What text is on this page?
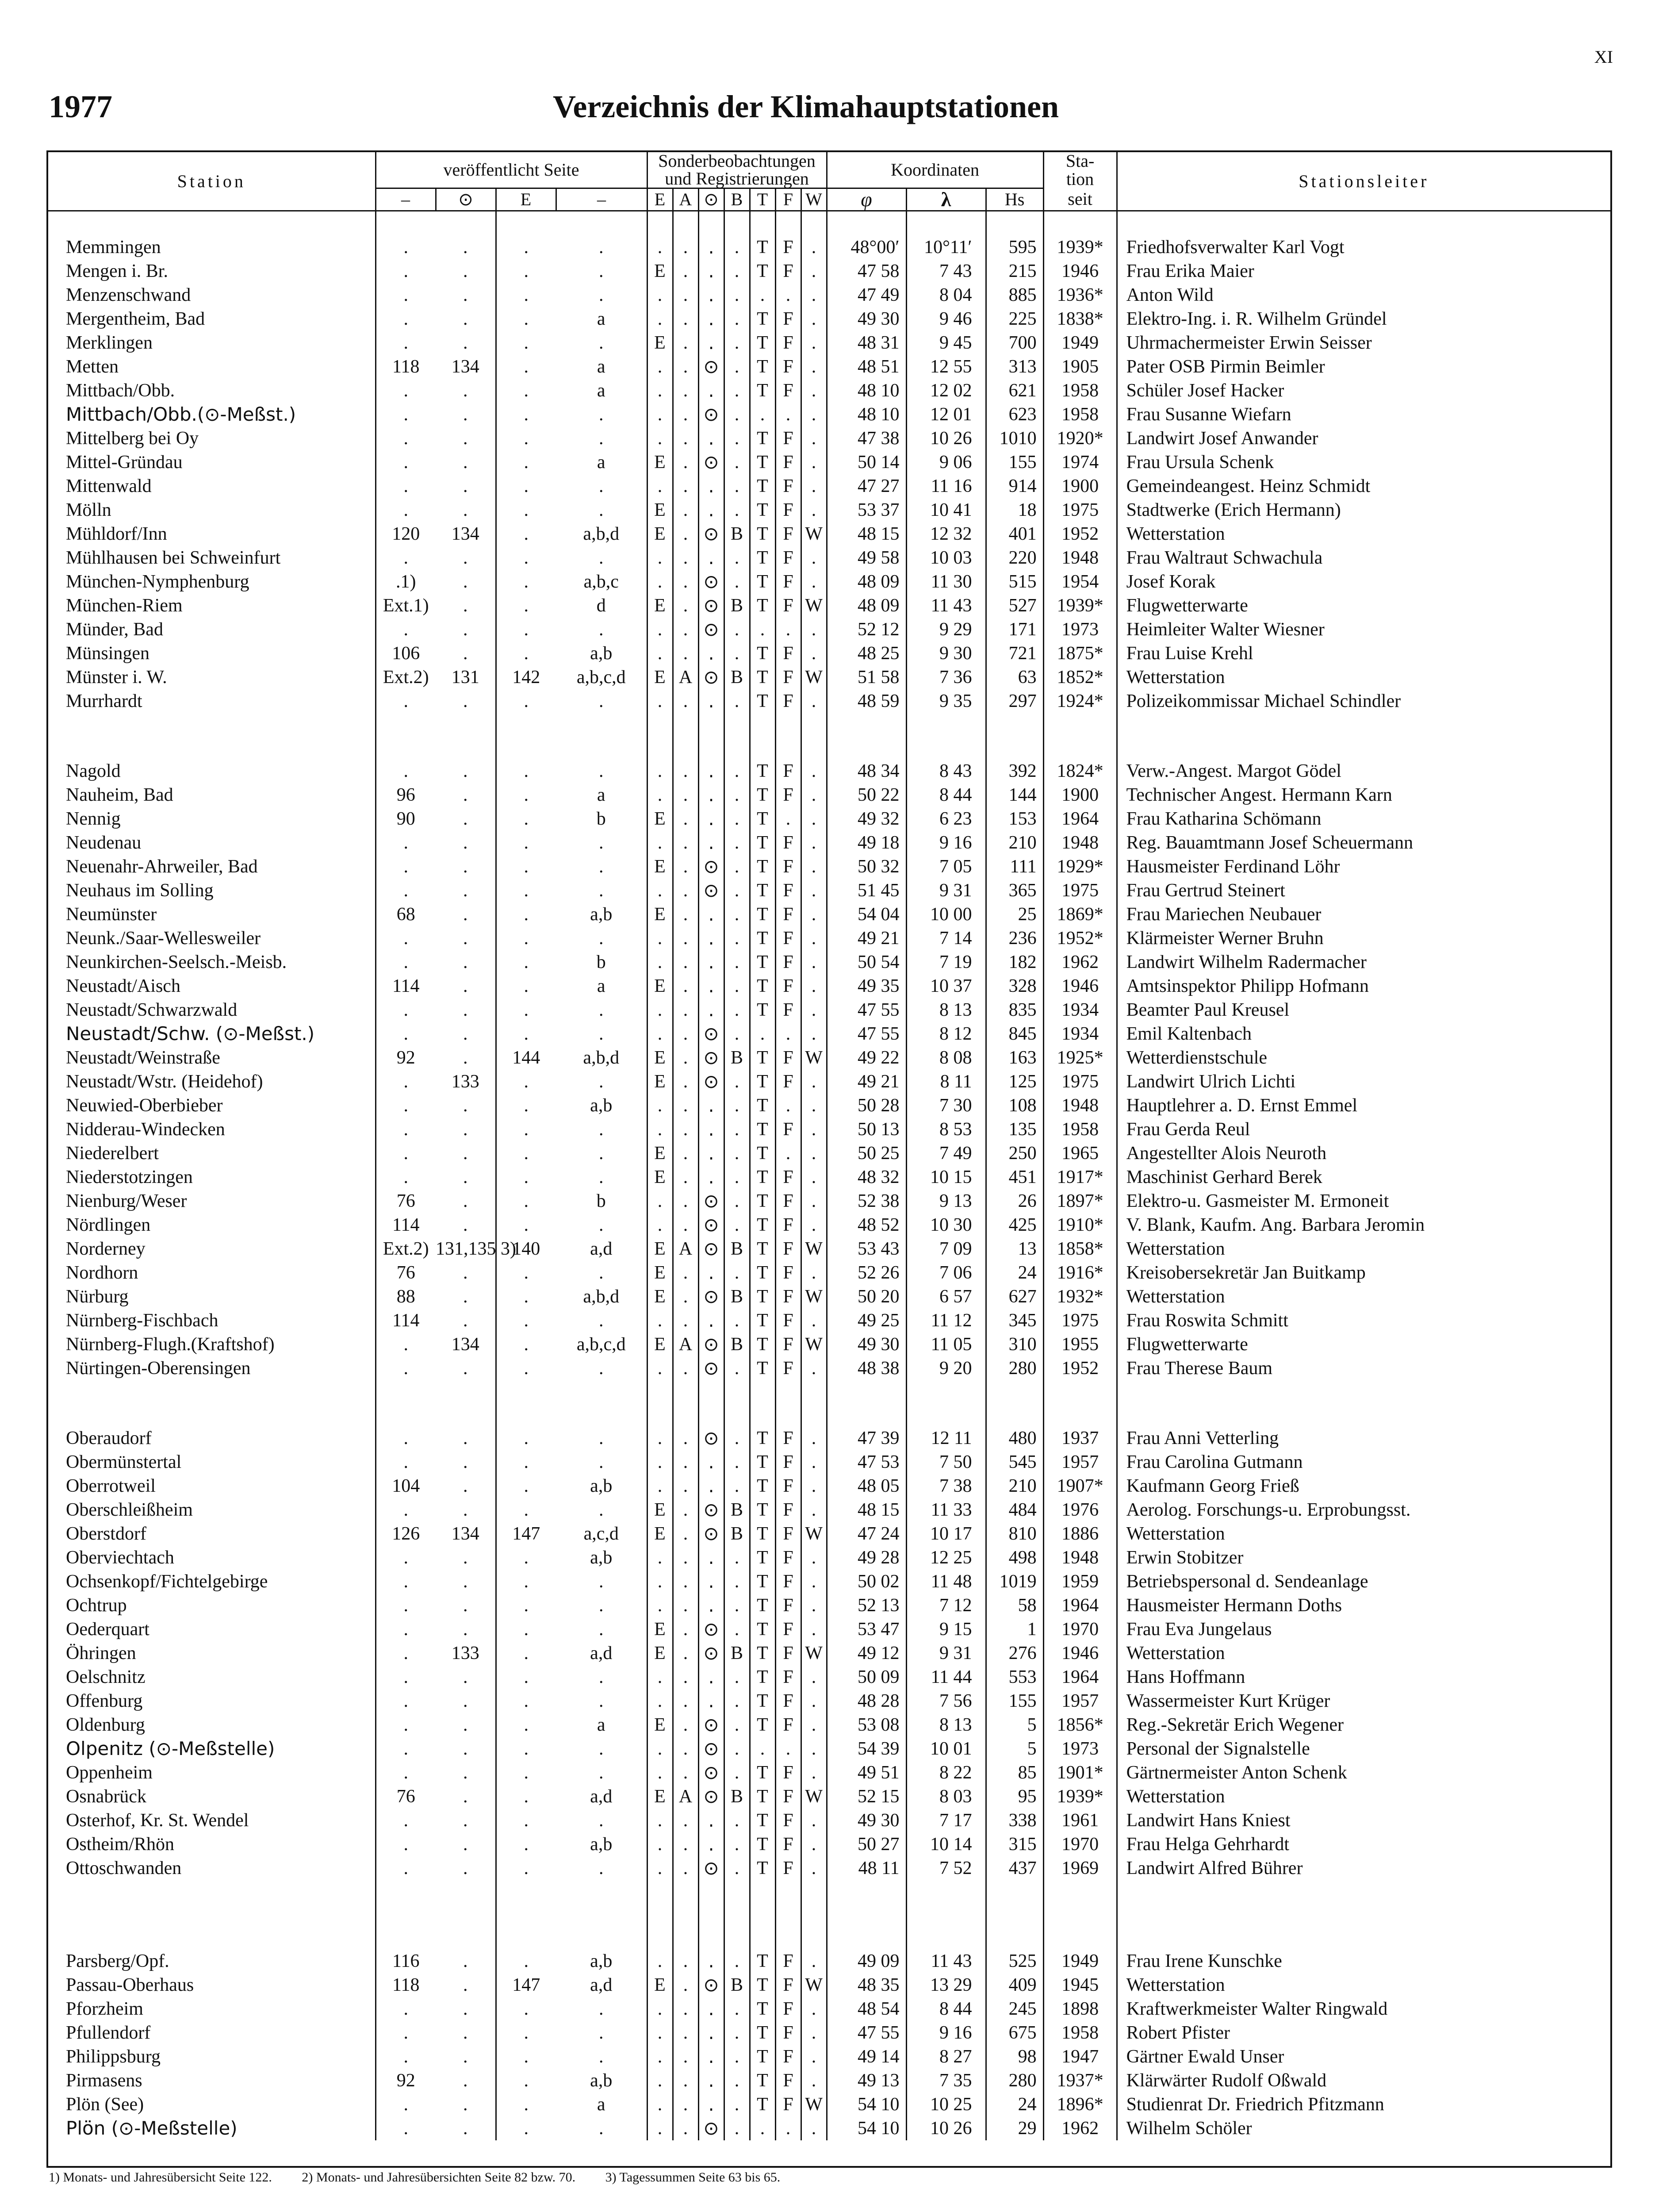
XI
1977	Verzeichnis der Klimahauptstationen
Station	veröffentlicht Seite				Sonderbeobachtungen							Koordinaten			Sta-	Stationsleiter
					und Registrierungen										tion	
	–	⊙	E	–	E	A	⊙	B	T	F	W	φ	λ	Hs	seit	

Memmingen	.	.	.	.	.	.	.	.	T	F	.	48°00′	10°11′	595	1939*	Friedhofsverwalter Karl Vogt
Mengen i. Br.	.	.	.	.	E	.	.	.	T	F	.	47 58	7 43	215	1946	Frau Erika Maier
Menzenschwand	.	.	.	.	.	.	.	.	.	.	.	47 49	8 04	885	1936*	Anton Wild
Mergentheim, Bad	.	.	.	a	.	.	.	.	T	F	.	49 30	9 46	225	1838*	Elektro-Ing. i. R. Wilhelm Gründel
Merklingen	.	.	.	.	E	.	.	.	T	F	.	48 31	9 45	700	1949	Uhrmachermeister Erwin Seisser
Metten	118	134	.	a	.	.	⊙	.	T	F	.	48 51	12 55	313	1905	Pater OSB Pirmin Beimler
Mittbach/Obb.	.	.	.	a	.	.	.	.	T	F	.	48 10	12 02	621	1958	Schüler Josef Hacker
Mittbach/Obb.(⊙-Meßst.)	.	.	.	.	.	.	⊙	.	.	.	.	48 10	12 01	623	1958	Frau Susanne Wiefarn
Mittelberg bei Oy	.	.	.	.	.	.	.	.	T	F	.	47 38	10 26	1010	1920*	Landwirt Josef Anwander
Mittel-Gründau	.	.	.	a	E	.	⊙	.	T	F	.	50 14	9 06	155	1974	Frau Ursula Schenk
Mittenwald	.	.	.	.	.	.	.	.	T	F	.	47 27	11 16	914	1900	Gemeindeangest. Heinz Schmidt
Mölln	.	.	.	.	E	.	.	.	T	F	.	53 37	10 41	18	1975	Stadtwerke (Erich Hermann)
Mühldorf/Inn	120	134	.	a,b,d	E	.	⊙	B	T	F	W	48 15	12 32	401	1952	Wetterstation
Mühlhausen bei Schweinfurt	.	.	.	.	.	.	.	.	T	F	.	49 58	10 03	220	1948	Frau Waltraut Schwachula
München-Nymphenburg	.1)	.	.	a,b,c	.	.	⊙	.	T	F	.	48 09	11 30	515	1954	Josef Korak
München-Riem	Ext.1)	.	.	d	E	.	⊙	B	T	F	W	48 09	11 43	527	1939*	Flugwetterwarte
Münder, Bad	.	.	.	.	.	.	⊙	.	.	.	.	52 12	9 29	171	1973	Heimleiter Walter Wiesner
Münsingen	106	.	.	a,b	.	.	.	.	T	F	.	48 25	9 30	721	1875*	Frau Luise Krehl
Münster i. W.	Ext.2)	131	142	a,b,c,d	E	A	⊙	B	T	F	W	51 58	7 36	63	1852*	Wetterstation
Murrhardt	.	.	.	.	.	.	.	.	T	F	.	48 59	9 35	297	1924*	Polizeikommissar Michael Schindler

Nagold	.	.	.	.	.	.	.	.	T	F	.	48 34	8 43	392	1824*	Verw.-Angest. Margot Gödel
Nauheim, Bad	96	.	.	a	.	.	.	.	T	F	.	50 22	8 44	144	1900	Technischer Angest. Hermann Karn
Nennig	90	.	.	b	E	.	.	.	T	.	.	49 32	6 23	153	1964	Frau Katharina Schömann
Neudenau	.	.	.	.	.	.	.	.	T	F	.	49 18	9 16	210	1948	Reg. Bauamtmann Josef Scheuermann
Neuenahr-Ahrweiler, Bad	.	.	.	.	E	.	⊙	.	T	F	.	50 32	7 05	111	1929*	Hausmeister Ferdinand Löhr
Neuhaus im Solling	.	.	.	.	.	.	⊙	.	T	F	.	51 45	9 31	365	1975	Frau Gertrud Steinert
Neumünster	68	.	.	a,b	E	.	.	.	T	F	.	54 04	10 00	25	1869*	Frau Mariechen Neubauer
Neunk./Saar-Wellesweiler	.	.	.	.	.	.	.	.	T	F	.	49 21	7 14	236	1952*	Klärmeister Werner Bruhn
Neunkirchen-Seelsch.-Meisb.	.	.	.	b	.	.	.	.	T	F	.	50 54	7 19	182	1962	Landwirt Wilhelm Radermacher
Neustadt/Aisch	114	.	.	a	E	.	.	.	T	F	.	49 35	10 37	328	1946	Amtsinspektor Philipp Hofmann
Neustadt/Schwarzwald	.	.	.	.	.	.	.	.	T	F	.	47 55	8 13	835	1934	Beamter Paul Kreusel
Neustadt/Schw. (⊙-Meßst.)	.	.	.	.	.	.	⊙	.	.	.	.	47 55	8 12	845	1934	Emil Kaltenbach
Neustadt/Weinstraße	92	.	144	a,b,d	E	.	⊙	B	T	F	W	49 22	8 08	163	1925*	Wetterdienstschule
Neustadt/Wstr. (Heidehof)	.	133	.	.	E	.	⊙	.	T	F	.	49 21	8 11	125	1975	Landwirt Ulrich Lichti
Neuwied-Oberbieber	.	.	.	a,b	.	.	.	.	T	.	.	50 28	7 30	108	1948	Hauptlehrer a. D. Ernst Emmel
Nidderau-Windecken	.	.	.	.	.	.	.	.	T	F	.	50 13	8 53	135	1958	Frau Gerda Reul
Niederelbert	.	.	.	.	E	.	.	.	T	.	.	50 25	7 49	250	1965	Angestellter Alois Neuroth
Niederstotzingen	.	.	.	.	E	.	.	.	T	F	.	48 32	10 15	451	1917*	Maschinist Gerhard Berek
Nienburg/Weser	76	.	.	b	.	.	⊙	.	T	F	.	52 38	9 13	26	1897*	Elektro-u. Gasmeister M. Ermoneit
Nördlingen	114	.	.	.	.	.	⊙	.	T	F	.	48 52	10 30	425	1910*	V. Blank, Kaufm. Ang. Barbara Jeromin
Norderney	Ext.2)	131,135 3)	140	a,d	E	A	⊙	B	T	F	W	53 43	7 09	13	1858*	Wetterstation
Nordhorn	76	.	.	.	E	.	.	.	T	F	.	52 26	7 06	24	1916*	Kreisobersekretär Jan Buitkamp
Nürburg	88	.	.	a,b,d	E	.	⊙	B	T	F	W	50 20	6 57	627	1932*	Wetterstation
Nürnberg-Fischbach	114	.	.	.	.	.	.	.	T	F	.	49 25	11 12	345	1975	Frau Roswita Schmitt
Nürnberg-Flugh.(Kraftshof)	.	134	.	a,b,c,d	E	A	⊙	B	T	F	W	49 30	11 05	310	1955	Flugwetterwarte
Nürtingen-Oberensingen	.	.	.	.	.	.	⊙	.	T	F	.	48 38	9 20	280	1952	Frau Therese Baum

Oberaudorf	.	.	.	.	.	.	⊙	.	T	F	.	47 39	12 11	480	1937	Frau Anni Vetterling
Obermünstertal	.	.	.	.	.	.	.	.	T	F	.	47 53	7 50	545	1957	Frau Carolina Gutmann
Oberrotweil	104	.	.	a,b	.	.	.	.	T	F	.	48 05	7 38	210	1907*	Kaufmann Georg Frieß
Oberschleißheim	.	.	.	.	E	.	⊙	B	T	F	.	48 15	11 33	484	1976	Aerolog. Forschungs-u. Erprobungsst.
Oberstdorf	126	134	147	a,c,d	E	.	⊙	B	T	F	W	47 24	10 17	810	1886	Wetterstation
Oberviechtach	.	.	.	a,b	.	.	.	.	T	F	.	49 28	12 25	498	1948	Erwin Stobitzer
Ochsenkopf/Fichtelgebirge	.	.	.	.	.	.	.	.	T	F	.	50 02	11 48	1019	1959	Betriebspersonal d. Sendeanlage
Ochtrup	.	.	.	.	.	.	.	.	T	F	.	52 13	7 12	58	1964	Hausmeister Hermann Doths
Oederquart	.	.	.	.	E	.	⊙	.	T	F	.	53 47	9 15	1	1970	Frau Eva Jungelaus
Öhringen	.	133	.	a,d	E	.	⊙	B	T	F	W	49 12	9 31	276	1946	Wetterstation
Oelschnitz	.	.	.	.	.	.	.	.	T	F	.	50 09	11 44	553	1964	Hans Hoffmann
Offenburg	.	.	.	.	.	.	.	.	T	F	.	48 28	7 56	155	1957	Wassermeister Kurt Krüger
Oldenburg	.	.	.	a	E	.	⊙	.	T	F	.	53 08	8 13	5	1856*	Reg.-Sekretär Erich Wegener
Olpenitz (⊙-Meßstelle)	.	.	.	.	.	.	⊙	.	.	.	.	54 39	10 01	5	1973	Personal der Signalstelle
Oppenheim	.	.	.	.	.	.	⊙	.	T	F	.	49 51	8 22	85	1901*	Gärtnermeister Anton Schenk
Osnabrück	76	.	.	a,d	E	A	⊙	B	T	F	W	52 15	8 03	95	1939*	Wetterstation
Osterhof, Kr. St. Wendel	.	.	.	.	.	.	.	.	T	F	.	49 30	7 17	338	1961	Landwirt Hans Kniest
Ostheim/Rhön	.	.	.	a,b	.	.	.	.	T	F	.	50 27	10 14	315	1970	Frau Helga Gehrhardt
Ottoschwanden	.	.	.	.	.	.	⊙	.	T	F	.	48 11	7 52	437	1969	Landwirt Alfred Bührer

Parsberg/Opf.	116	.	.	a,b	.	.	.	.	T	F	.	49 09	11 43	525	1949	Frau Irene Kunschke
Passau-Oberhaus	118	.	147	a,d	E	.	⊙	B	T	F	W	48 35	13 29	409	1945	Wetterstation
Pforzheim	.	.	.	.	.	.	.	.	T	F	.	48 54	8 44	245	1898	Kraftwerkmeister Walter Ringwald
Pfullendorf	.	.	.	.	.	.	.	.	T	F	.	47 55	9 16	675	1958	Robert Pfister
Philippsburg	.	.	.	.	.	.	.	.	T	F	.	49 14	8 27	98	1947	Gärtner Ewald Unser
Pirmasens	92	.	.	a,b	.	.	.	.	T	F	.	49 13	7 35	280	1937*	Klärwärter Rudolf Oßwald
Plön (See)	.	.	.	a	.	.	.	.	T	F	W	54 10	10 25	24	1896*	Studienrat Dr. Friedrich Pfitzmann
Plön (⊙-Meßstelle)	.	.	.	.	.	.	⊙	.	.	.	.	54 10	10 26	29	1962	Wilhelm Schöler
1) Monats- und Jahresübersicht Seite 122. 2) Monats- und Jahresübersichten Seite 82 bzw. 70. 3) Tagessummen Seite 63 bis 65.
